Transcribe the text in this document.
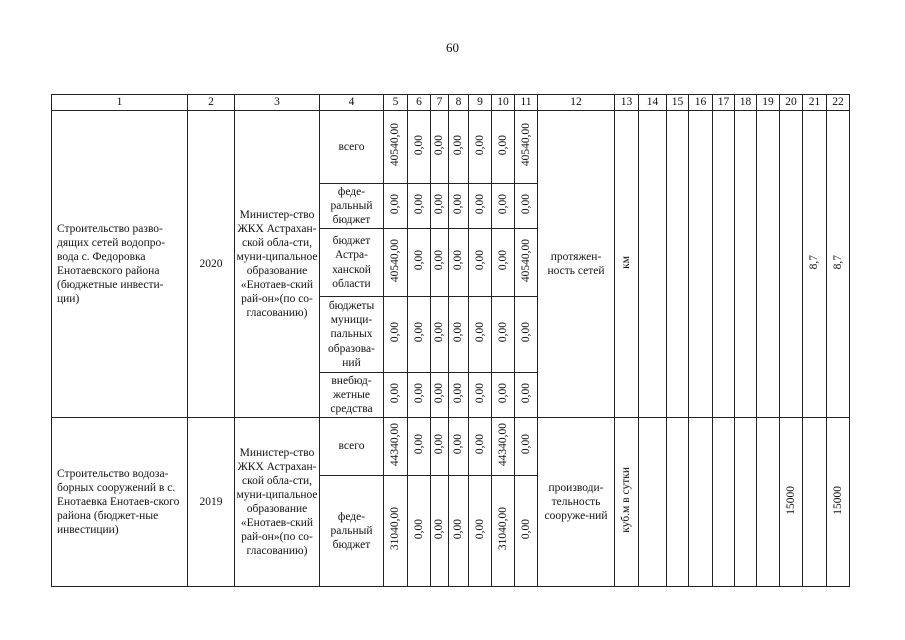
60
1	2	3	4	5	6	7	8	9	10	11	12	13	14	15	16	17	18	19	20	21	22
Строительство разво-дящих сетей водопро-вода с. Федоровка Енотаевского района (бюджетные инвести-ции)	2020	Министер-ство ЖКХ Астрахан-ской обла-сти, муни-ципальное образование «Енотаев-ский рай-он»(по со-гласованию)	всего	40540,00	0,00	0,00	0,00	0,00	0,00	40540,00	протяжен-ность сетей	км								8,7	8,7
			феде-ральный бюджет	0,00	0,00	0,00	0,00	0,00	0,00	0,00											
			бюджет Астра-ханской области	40540,00	0,00	0,00	0,00	0,00	0,00	40540,00											
			бюджеты муници-пальных образова-ний	0,00	0,00	0,00	0,00	0,00	0,00	0,00											
			внебюд-жетные средства	0,00	0,00	0,00	0,00	0,00	0,00	0,00											
Строительство водоза-борных сооружений в с. Енотаевка Енотаев-ского района (бюджет-ные инвестиции)	2019	Министер-ство ЖКХ Астрахан-ской обла-сти, муни-ципальное образование «Енотаев-ский рай-он»(по со-гласованию)	всего	44340,00	0,00	0,00	0,00	0,00	44340,00	0,00	производи-тельность сооруже-ний	куб.м в сутки							15000		15000
			феде-ральный бюджет	31040,00	0,00	0,00	0,00	0,00	31040,00	0,00											
